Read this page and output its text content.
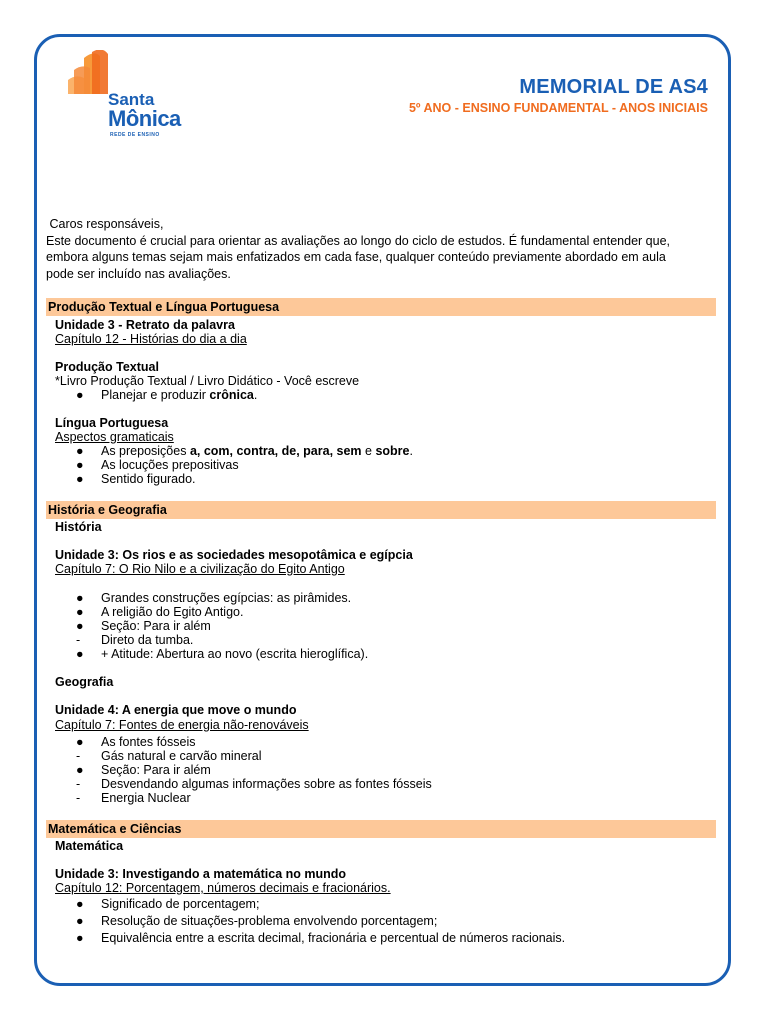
Santa
Mônica
REDE DE ENSINO
MEMORIAL DE AS4
5º ANO - ENSINO FUNDAMENTAL - ANOS INICIAIS
Caros responsáveis,
Este documento é crucial para orientar as avaliações ao longo do ciclo de estudos. É fundamental entender que,
embora alguns temas sejam mais enfatizados em cada fase, qualquer conteúdo previamente abordado em aula
pode ser incluído nas avaliações.
Produção Textual e Língua Portuguesa
Unidade 3 - Retrato da palavra
Capítulo 12 - Histórias do dia a dia
Produção Textual
*Livro Produção Textual / Livro Didático - Você escreve
● Planejar e produzir crônica.
Língua Portuguesa
Aspectos gramaticais
● As preposições a, com, contra, de, para, sem e sobre.
● As locuções prepositivas
● Sentido figurado.
História e Geografia
História
Unidade 3: Os rios e as sociedades mesopotâmica e egípcia
Capítulo 7: O Rio Nilo e a civilização do Egito Antigo
● Grandes construções egípcias: as pirâmides.
● A religião do Egito Antigo.
● Seção: Para ir além
- Direto da tumba.
● + Atitude: Abertura ao novo (escrita hieroglífica).
Geografia
Unidade 4: A energia que move o mundo
Capítulo 7: Fontes de energia não-renováveis
● As fontes fósseis
- Gás natural e carvão mineral
● Seção: Para ir além
- Desvendando algumas informações sobre as fontes fósseis
- Energia Nuclear
Matemática e Ciências
Matemática
Unidade 3: Investigando a matemática no mundo
Capítulo 12: Porcentagem, números decimais e fracionários.
● Significado de porcentagem;
● Resolução de situações-problema envolvendo porcentagem;
● Equivalência entre a escrita decimal, fracionária e percentual de números racionais.
